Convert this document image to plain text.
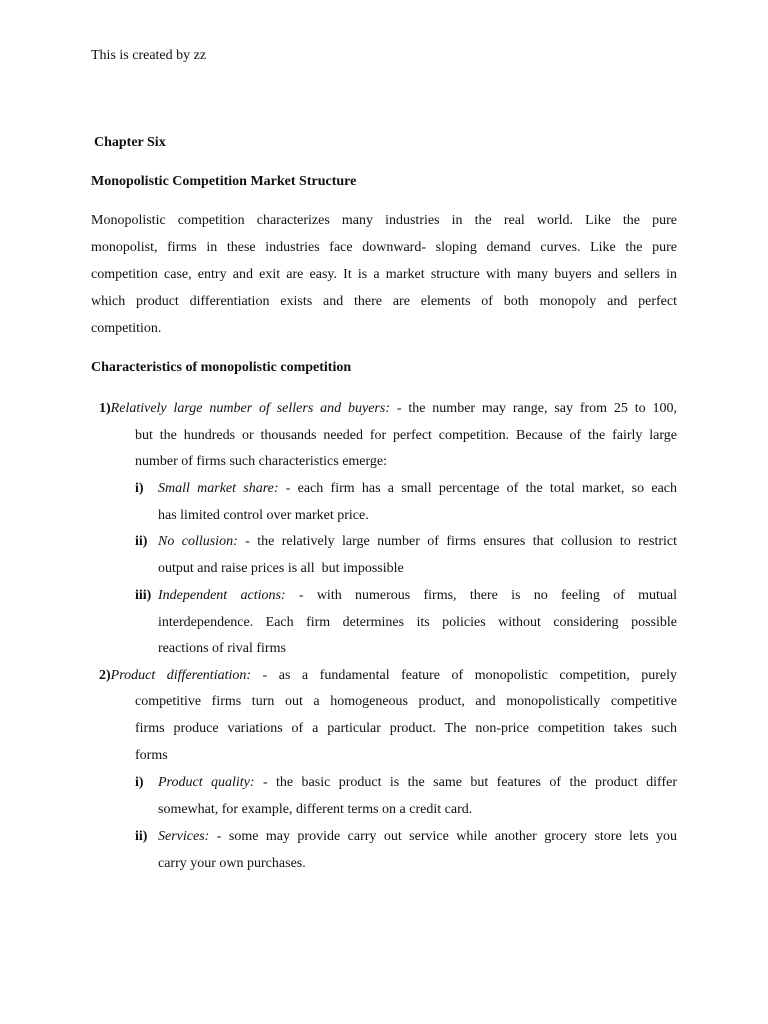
This is created by zz
Chapter Six
Monopolistic Competition Market Structure
Monopolistic competition characterizes many industries in the real world. Like the pure
monopolist, firms in these industries face downward- sloping demand curves. Like the pure
competition case, entry and exit are easy. It is a market structure with many buyers and sellers in
which product differentiation exists and there are elements of both monopoly and perfect
competition.
Characteristics of monopolistic competition
1)Relatively large number of sellers and buyers: - the number may range, say from 25 to 100,
but the hundreds or thousands needed for perfect competition. Because of the fairly large
number of firms such characteristics emerge:
i) Small market share: - each firm has a small percentage of the total market, so each
has limited control over market price.
ii) No collusion: - the relatively large number of firms ensures that collusion to restrict
output and raise prices is all  but impossible
iii) Independent actions: - with numerous firms, there is no feeling of mutual
interdependence. Each firm determines its policies without considering possible
reactions of rival firms
2)Product differentiation: - as a fundamental feature of monopolistic competition, purely
competitive firms turn out a homogeneous product, and monopolistically competitive
firms produce variations of a particular product. The non-price competition takes such
forms
i) Product quality: - the basic product is the same but features of the product differ
somewhat, for example, different terms on a credit card.
ii) Services: - some may provide carry out service while another grocery store lets you
carry your own purchases.
